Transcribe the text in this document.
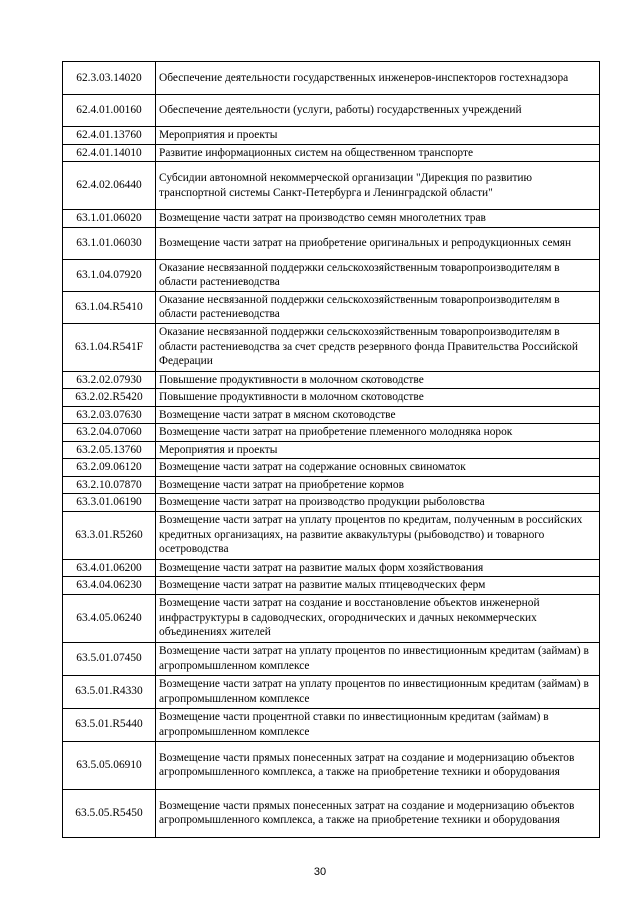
62.3.03.14020	Обеспечение деятельности государственных инженеров-инспекторов гостехнадзора
62.4.01.00160	Обеспечение деятельности (услуги, работы) государственных учреждений
62.4.01.13760	Мероприятия и проекты
62.4.01.14010	Развитие информационных систем на общественном транспорте
62.4.02.06440	Субсидии автономной некоммерческой организации "Дирекция по развитию транспортной системы Санкт-Петербурга и Ленинградской области"
63.1.01.06020	Возмещение части затрат на производство семян многолетних трав
63.1.01.06030	Возмещение части затрат на приобретение оригинальных и репродукционных семян
63.1.04.07920	Оказание несвязанной поддержки сельскохозяйственным товаропроизводителям в области растениеводства
63.1.04.R5410	Оказание несвязанной поддержки сельскохозяйственным товаропроизводителям в области растениеводства
63.1.04.R541F	Оказание несвязанной поддержки сельскохозяйственным товаропроизводителям в области растениеводства за счет средств резервного фонда Правительства Российской Федерации
63.2.02.07930	Повышение продуктивности в молочном скотоводстве
63.2.02.R5420	Повышение продуктивности в молочном скотоводстве
63.2.03.07630	Возмещение части затрат в мясном скотоводстве
63.2.04.07060	Возмещение части затрат на приобретение племенного молодняка норок
63.2.05.13760	Мероприятия и проекты
63.2.09.06120	Возмещение части затрат на содержание основных свиноматок
63.2.10.07870	Возмещение части затрат на приобретение кормов
63.3.01.06190	Возмещение части затрат на производство продукции рыболовства
63.3.01.R5260	Возмещение части затрат на уплату процентов по кредитам, полученным в российских кредитных организациях, на развитие аквакультуры (рыбоводство) и товарного осетроводства
63.4.01.06200	Возмещение части затрат на развитие малых форм хозяйствования
63.4.04.06230	Возмещение части затрат на развитие малых птицеводческих ферм
63.4.05.06240	Возмещение части затрат на создание и восстановление объектов инженерной инфраструктуры в садоводческих, огороднических и дачных некоммерческих объединениях жителей
63.5.01.07450	Возмещение части затрат на уплату процентов по инвестиционным кредитам (займам) в агропромышленном комплексе
63.5.01.R4330	Возмещение части затрат на уплату процентов по инвестиционным кредитам (займам) в агропромышленном комплексе
63.5.01.R5440	Возмещение части процентной ставки по инвестиционным кредитам (займам) в агропромышленном комплексе
63.5.05.06910	Возмещение части прямых понесенных затрат на создание и модернизацию объектов агропромышленного комплекса, а также на приобретение техники и оборудования
63.5.05.R5450	Возмещение части прямых понесенных затрат на создание и модернизацию объектов агропромышленного комплекса, а также на приобретение техники и оборудования
30
